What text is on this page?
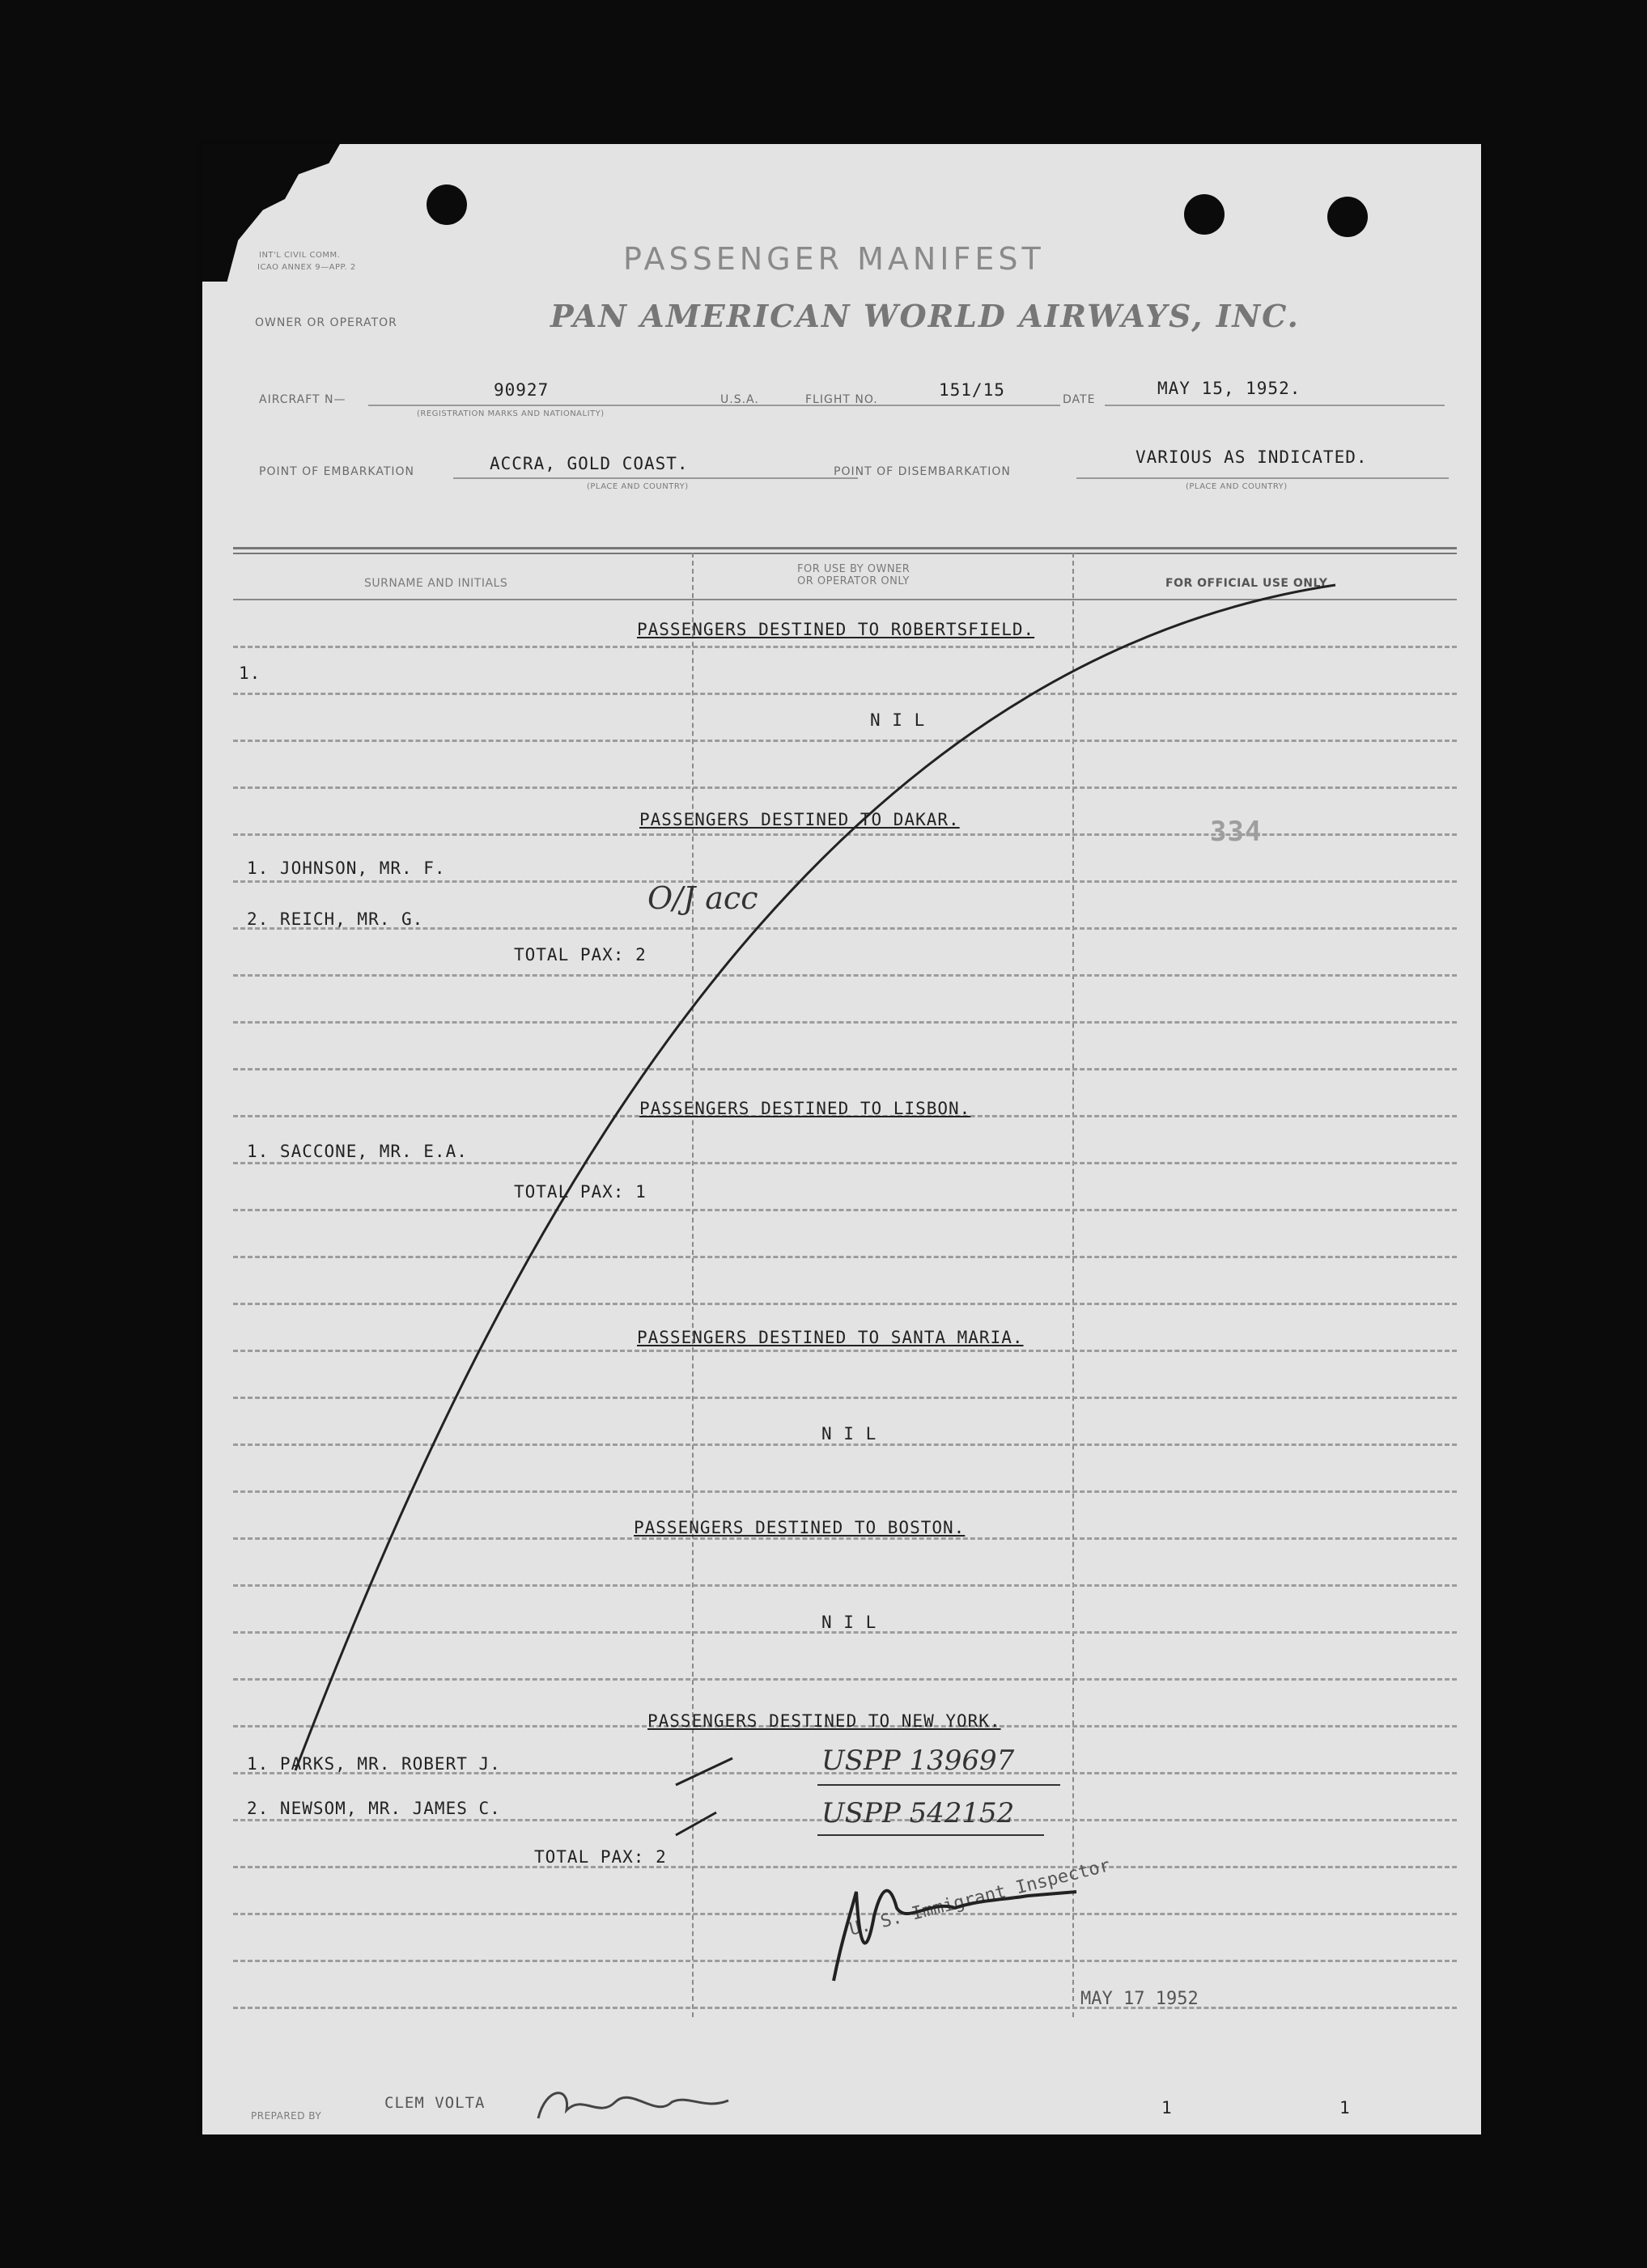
INT'L CIVIL COMM.
ICAO ANNEX 9—APP. 2	PASSENGER MANIFEST
OWNER OR OPERATOR	PAN AMERICAN WORLD AIRWAYS, INC.
AIRCRAFT N—	90927
(REGISTRATION MARKS AND NATIONALITY)
U.S.A.	FLIGHT NO.	151/15	DATE
MAY 15, 1952.
POINT OF EMBARKATION	ACCRA, GOLD COAST.
(PLACE AND COUNTRY)
POINT OF DISEMBARKATION
VARIOUS AS INDICATED.
(PLACE AND COUNTRY)
SURNAME AND INITIALS
FOR USE BY OWNER
OR OPERATOR ONLY	FOR OFFICIAL USE ONLY
PASSENGERS DESTINED TO ROBERTSFIELD.
1.
N I L
PASSENGERS DESTINED TO DAKAR.	334
1. JOHNSON, MR. F.
2. REICH, MR. G.
O/J acc
TOTAL PAX: 2
PASSENGERS DESTINED TO LISBON.
1. SACCONE, MR. E.A.
TOTAL PAX: 1
PASSENGERS DESTINED TO SANTA MARIA.
N I L
PASSENGERS DESTINED TO BOSTON.
N I L
PASSENGERS DESTINED TO NEW YORK.
1. PARKS, MR. ROBERT J.	USPP 139697
2. NEWSOM, MR. JAMES C.	USPP 542152
TOTAL PAX: 2	U. S. Immigrant Inspector
MAY 17 1952
PREPARED BY
CLEM VOLTA	1	1
